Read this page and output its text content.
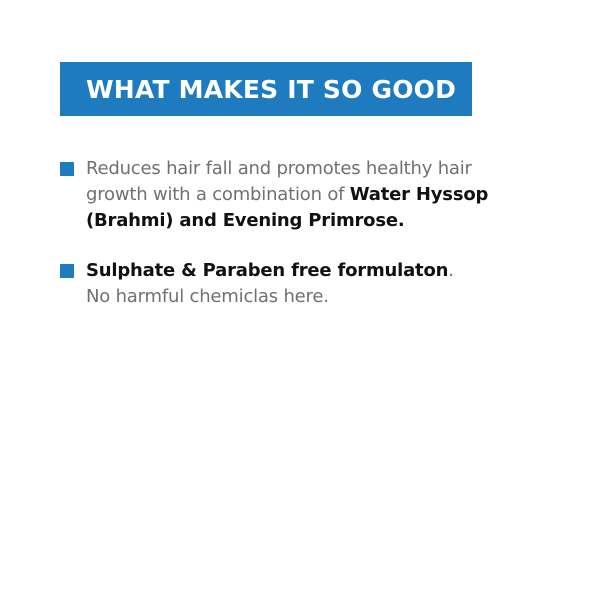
WHAT MAKES IT SO GOOD
Reduces hair fall and promotes healthy hair growth with a combination of Water Hyssop (Brahmi) and Evening Primrose.
Sulphate & Paraben free formulaton.
No harmful chemiclas here.
